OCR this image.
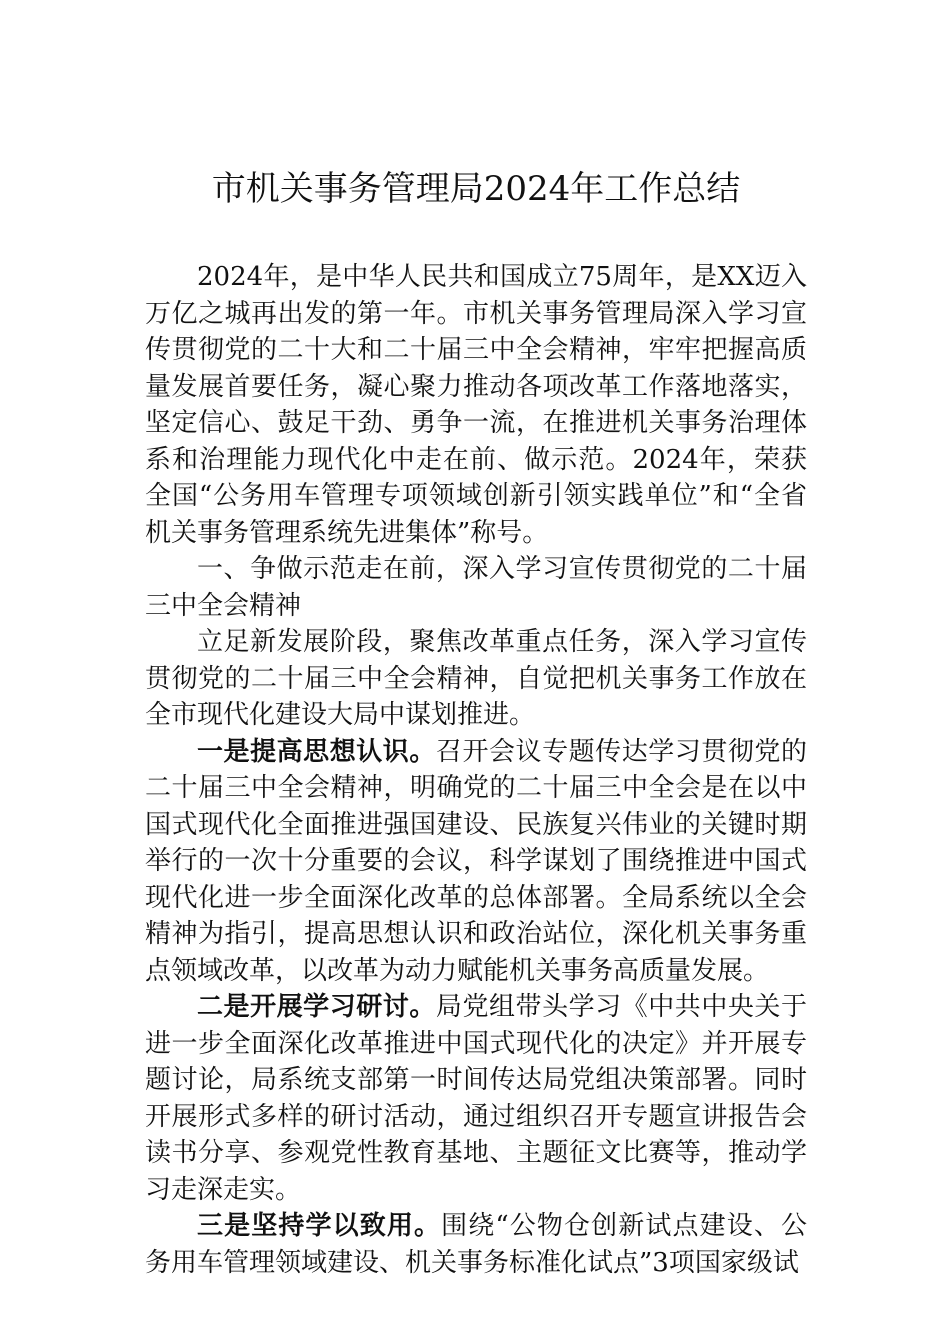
市机关事务管理局2024年工作总结

2024年，是中华人民共和国成立75周年，是XX迈入万亿之城再出发的第一年。市机关事务管理局深入学习宣传贯彻党的二十大和二十届三中全会精神，牢牢把握高质量发展首要任务，凝心聚力推动各项改革工作落地落实，坚定信心、鼓足干劲、勇争一流，在推进机关事务治理体系和治理能力现代化中走在前、做示范。2024年，荣获全国“公务用车管理专项领域创新引领实践单位”和“全省机关事务管理系统先进集体”称号。

一、争做示范走在前，深入学习宣传贯彻党的二十届三中全会精神

立足新发展阶段，聚焦改革重点任务，深入学习宣传贯彻党的二十届三中全会精神，自觉把机关事务工作放在全市现代化建设大局中谋划推进。

一是提高思想认识。召开会议专题传达学习贯彻党的二十届三中全会精神，明确党的二十届三中全会是在以中国式现代化全面推进强国建设、民族复兴伟业的关键时期举行的一次十分重要的会议，科学谋划了围绕推进中国式现代化进一步全面深化改革的总体部署。全局系统以全会精神为指引，提高思想认识和政治站位，深化机关事务重点领域改革，以改革为动力赋能机关事务高质量发展。

二是开展学习研讨。局党组带头学习《中共中央关于进一步全面深化改革推进中国式现代化的决定》并开展专题讨论，局系统支部第一时间传达局党组决策部署。同时开展形式多样的研讨活动，通过组织召开专题宣讲报告会读书分享、参观党性教育基地、主题征文比赛等，推动学习走深走实。

三是坚持学以致用。围绕“公物仓创新试点建设、公务用车管理领域建设、机关事务标准化试点”3项国家级试
